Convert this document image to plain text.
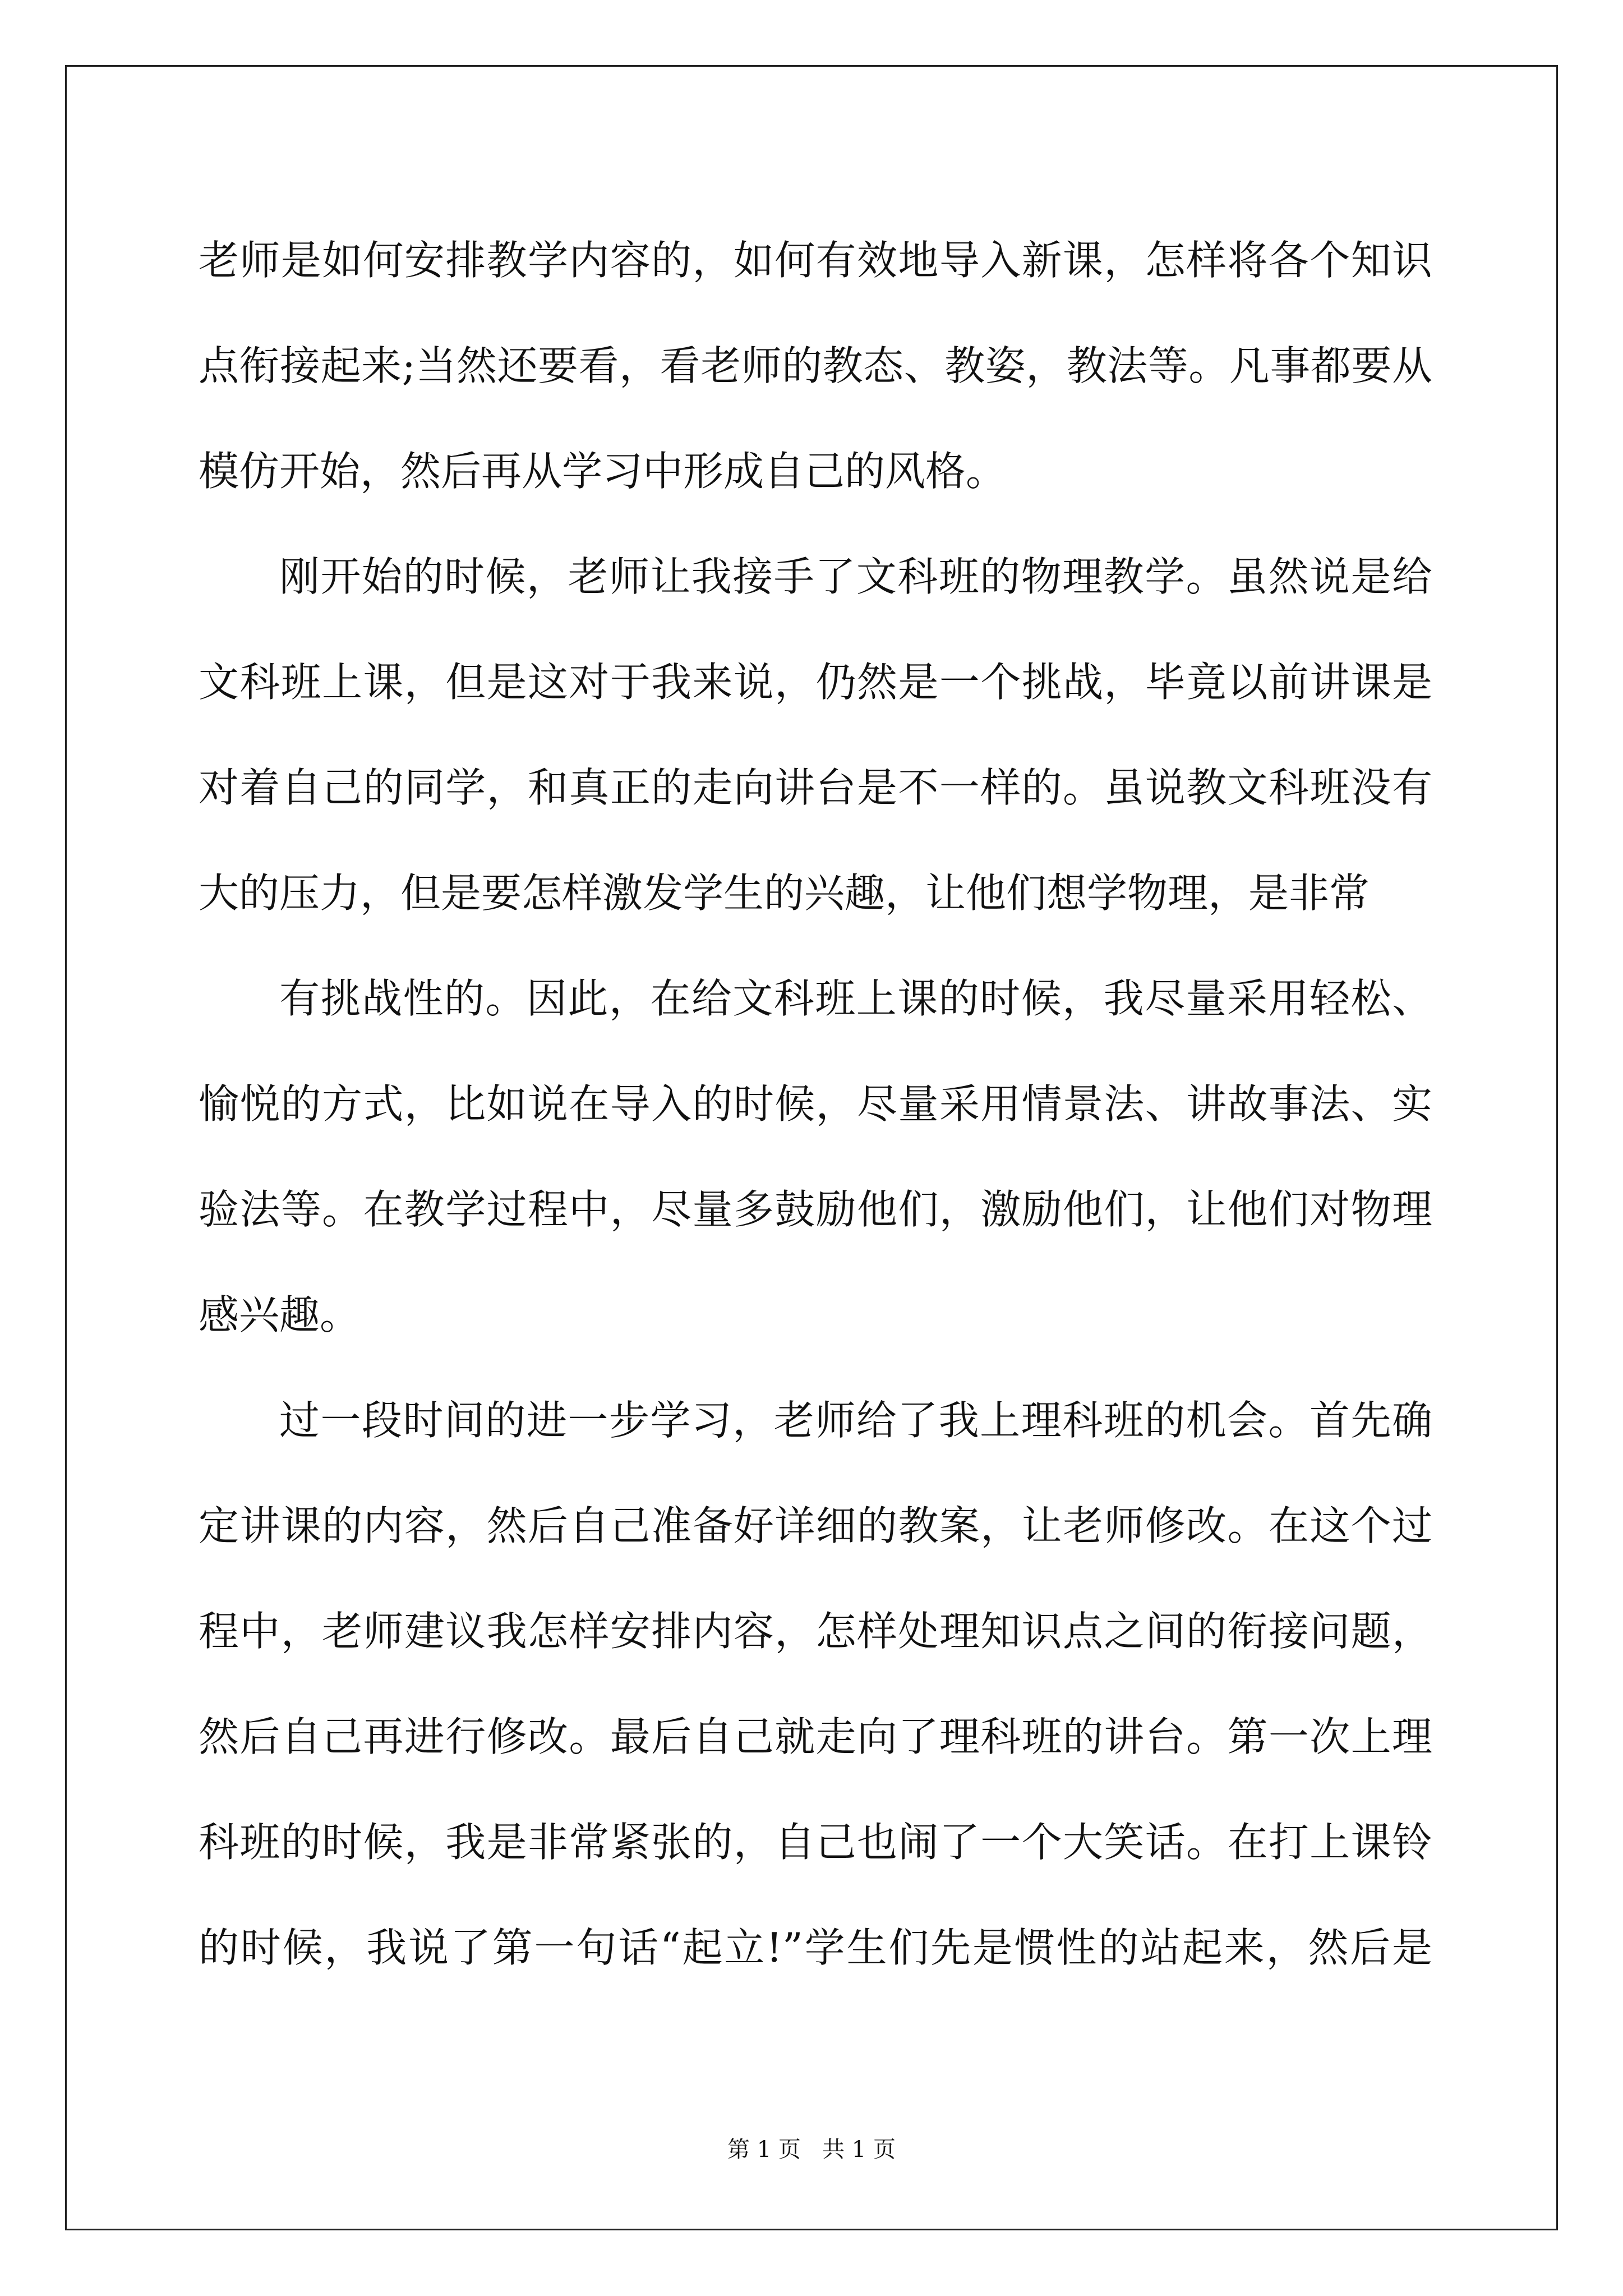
老师是如何安排教学内容的，如何有效地导入新课，怎样将各个知识
点衔接起来;当然还要看，看老师的教态、教姿，教法等。凡事都要从
模仿开始，然后再从学习中形成自己的风格。
刚开始的时候，老师让我接手了文科班的物理教学。虽然说是给
文科班上课，但是这对于我来说，仍然是一个挑战，毕竟以前讲课是
对着自己的同学，和真正的走向讲台是不一样的。虽说教文科班没有
大的压力，但是要怎样激发学生的兴趣，让他们想学物理，是非常
有挑战性的。因此，在给文科班上课的时候，我尽量采用轻松、
愉悦的方式，比如说在导入的时候，尽量采用情景法、讲故事法、实
验法等。在教学过程中，尽量多鼓励他们，激励他们，让他们对物理
感兴趣。
过一段时间的进一步学习，老师给了我上理科班的机会。首先确
定讲课的内容，然后自己准备好详细的教案，让老师修改。在这个过
程中，老师建议我怎样安排内容，怎样处理知识点之间的衔接问题，
然后自己再进行修改。最后自己就走向了理科班的讲台。第一次上理
科班的时候，我是非常紧张的，自己也闹了一个大笑话。在打上课铃
的时候，我说了第一句话“起立!”学生们先是惯性的站起来，然后是
第 1 页   共 1 页
